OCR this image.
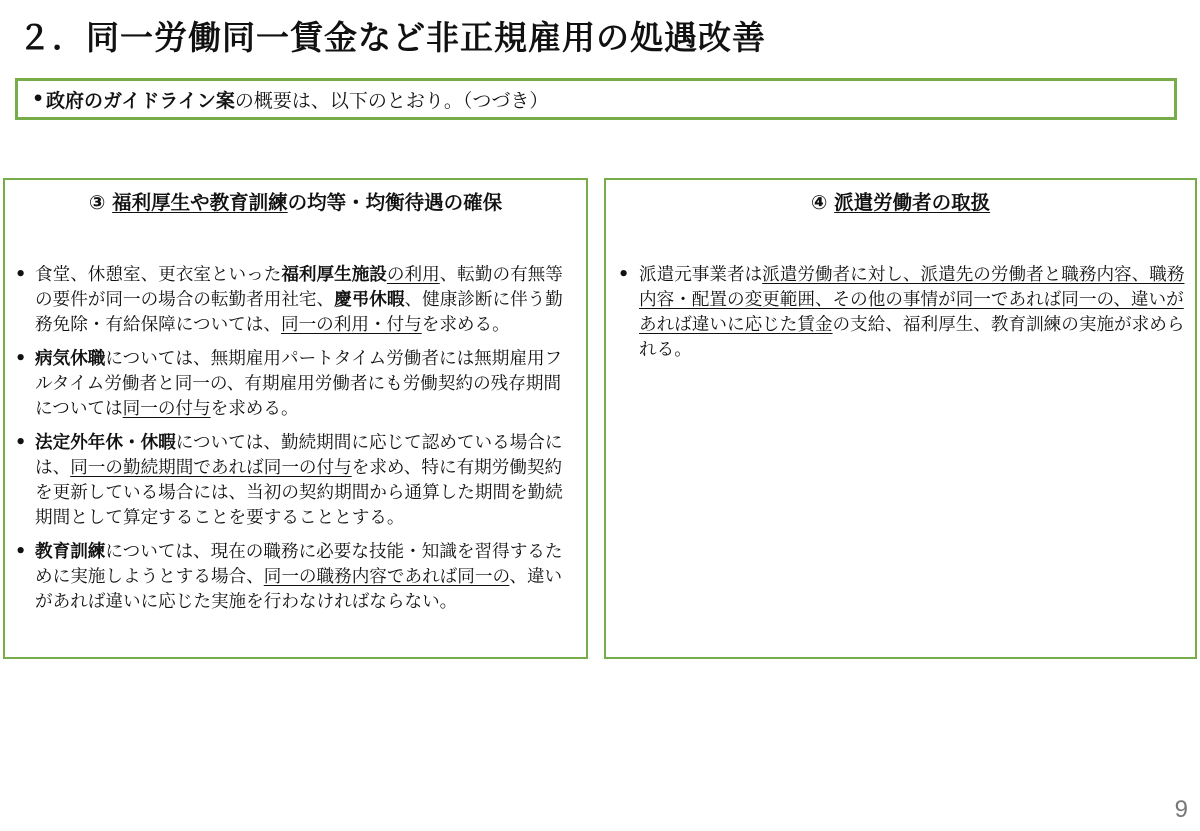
２．同一労働同一賃金など非正規雇用の処遇改善
• 政府のガイドライン案の概要は、以下のとおり。（つづき）
③ 福利厚生や教育訓練の均等・均衡待遇の確保
• 食堂、休憩室、更衣室といった福利厚生施設の利用、転勤の有無等の要件が同一の場合の転勤者用社宅、慶弔休暇、健康診断に伴う勤務免除・有給保障については、同一の利用・付与を求める。
• 病気休職については、無期雇用パートタイム労働者には無期雇用フルタイム労働者と同一の、有期雇用労働者にも労働契約の残存期間については同一の付与を求める。
• 法定外年休・休暇については、勤続期間に応じて認めている場合には、同一の勤続期間であれば同一の付与を求め、特に有期労働契約を更新している場合には、当初の契約期間から通算した期間を勤続期間として算定することを要することとする。
• 教育訓練については、現在の職務に必要な技能・知識を習得するために実施しようとする場合、同一の職務内容であれば同一の、違いがあれば違いに応じた実施を行わなければならない。
④ 派遣労働者の取扱
• 派遣元事業者は派遣労働者に対し、派遣先の労働者と職務内容、職務内容・配置の変更範囲、その他の事情が同一であれば同一の、違いがあれば違いに応じた賃金の支給、福利厚生、教育訓練の実施が求められる。
9
